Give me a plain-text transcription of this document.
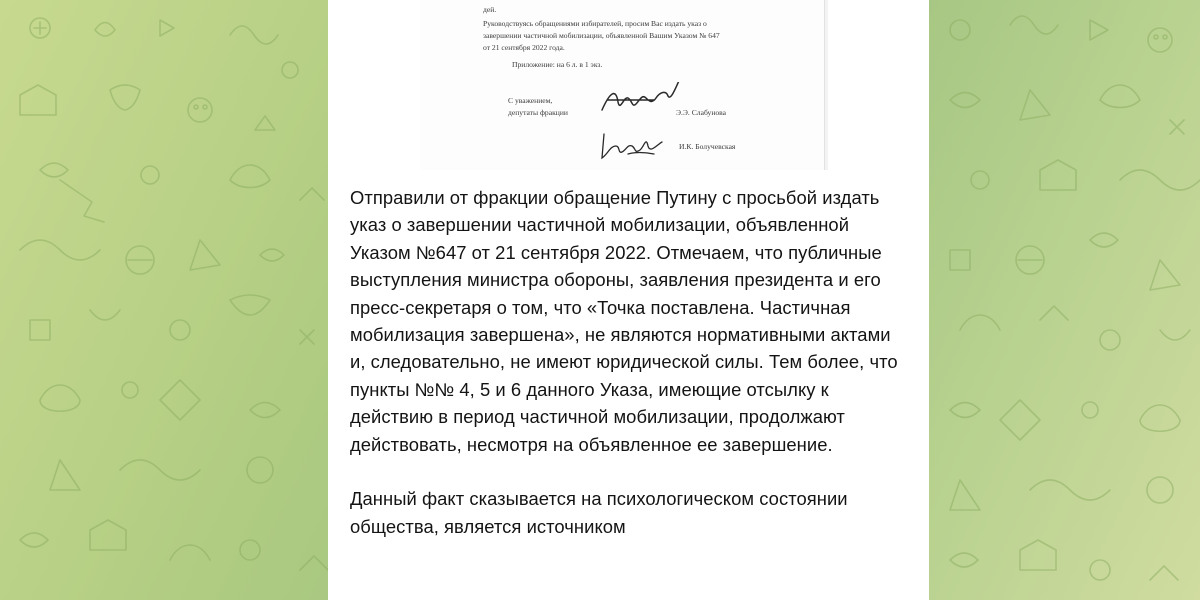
дей.
Руководствуясь обращениями избирателей, просим Вас издать указ о
завершении частичной мобилизации, объявленной Вашим Указом № 647
от 21 сентября 2022 года.
Приложение: на 6 л. в 1 экз.
С уважением,
депутаты фракции	Э.Э. Слабунова
И.К. Болучевская

Отправили от фракции обращение Путину с просьбой издать указ о завершении частичной мобилизации, объявленной Указом №647 от 21 сентября 2022. Отмечаем, что публичные выступления министра обороны, заявления президента и его пресс-секретаря о том, что «Точка поставлена. Частичная мобилизация завершена», не являются нормативными актами и, следовательно, не имеют юридической силы. Тем более, что пункты №№ 4, 5 и 6 данного Указа, имеющие отсылку к действию в период частичной мобилизации, продолжают действовать, несмотря на объявленное ее завершение.

Данный факт сказывается на психологическом состоянии общества, является источником
